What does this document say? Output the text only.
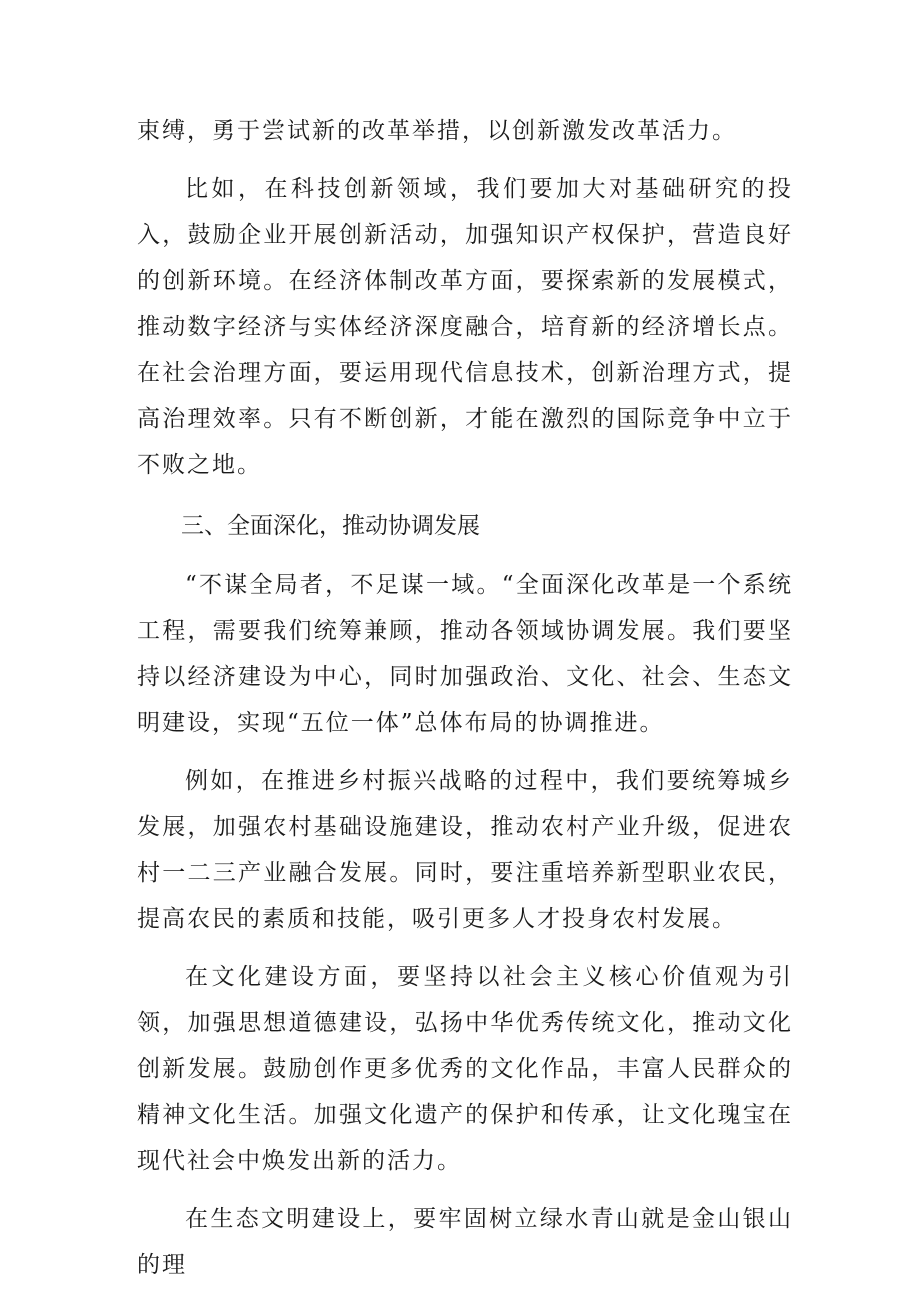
束缚，勇于尝试新的改革举措，以创新激发改革活力。

比如，在科技创新领域，我们要加大对基础研究的投入，鼓励企业开展创新活动，加强知识产权保护，营造良好的创新环境。在经济体制改革方面，要探索新的发展模式，推动数字经济与实体经济深度融合，培育新的经济增长点。在社会治理方面，要运用现代信息技术，创新治理方式，提高治理效率。只有不断创新，才能在激烈的国际竞争中立于不败之地。

三、全面深化，推动协调发展

“不谋全局者，不足谋一域。“全面深化改革是一个系统工程，需要我们统筹兼顾，推动各领域协调发展。我们要坚持以经济建设为中心，同时加强政治、文化、社会、生态文明建设，实现“五位一体”总体布局的协调推进。

例如，在推进乡村振兴战略的过程中，我们要统筹城乡发展，加强农村基础设施建设，推动农村产业升级，促进农村一二三产业融合发展。同时，要注重培养新型职业农民，提高农民的素质和技能，吸引更多人才投身农村发展。

在文化建设方面，要坚持以社会主义核心价值观为引领，加强思想道德建设，弘扬中华优秀传统文化，推动文化创新发展。鼓励创作更多优秀的文化作品，丰富人民群众的精神文化生活。加强文化遗产的保护和传承，让文化瑰宝在现代社会中焕发出新的活力。

在生态文明建设上，要牢固树立绿水青山就是金山银山的理
